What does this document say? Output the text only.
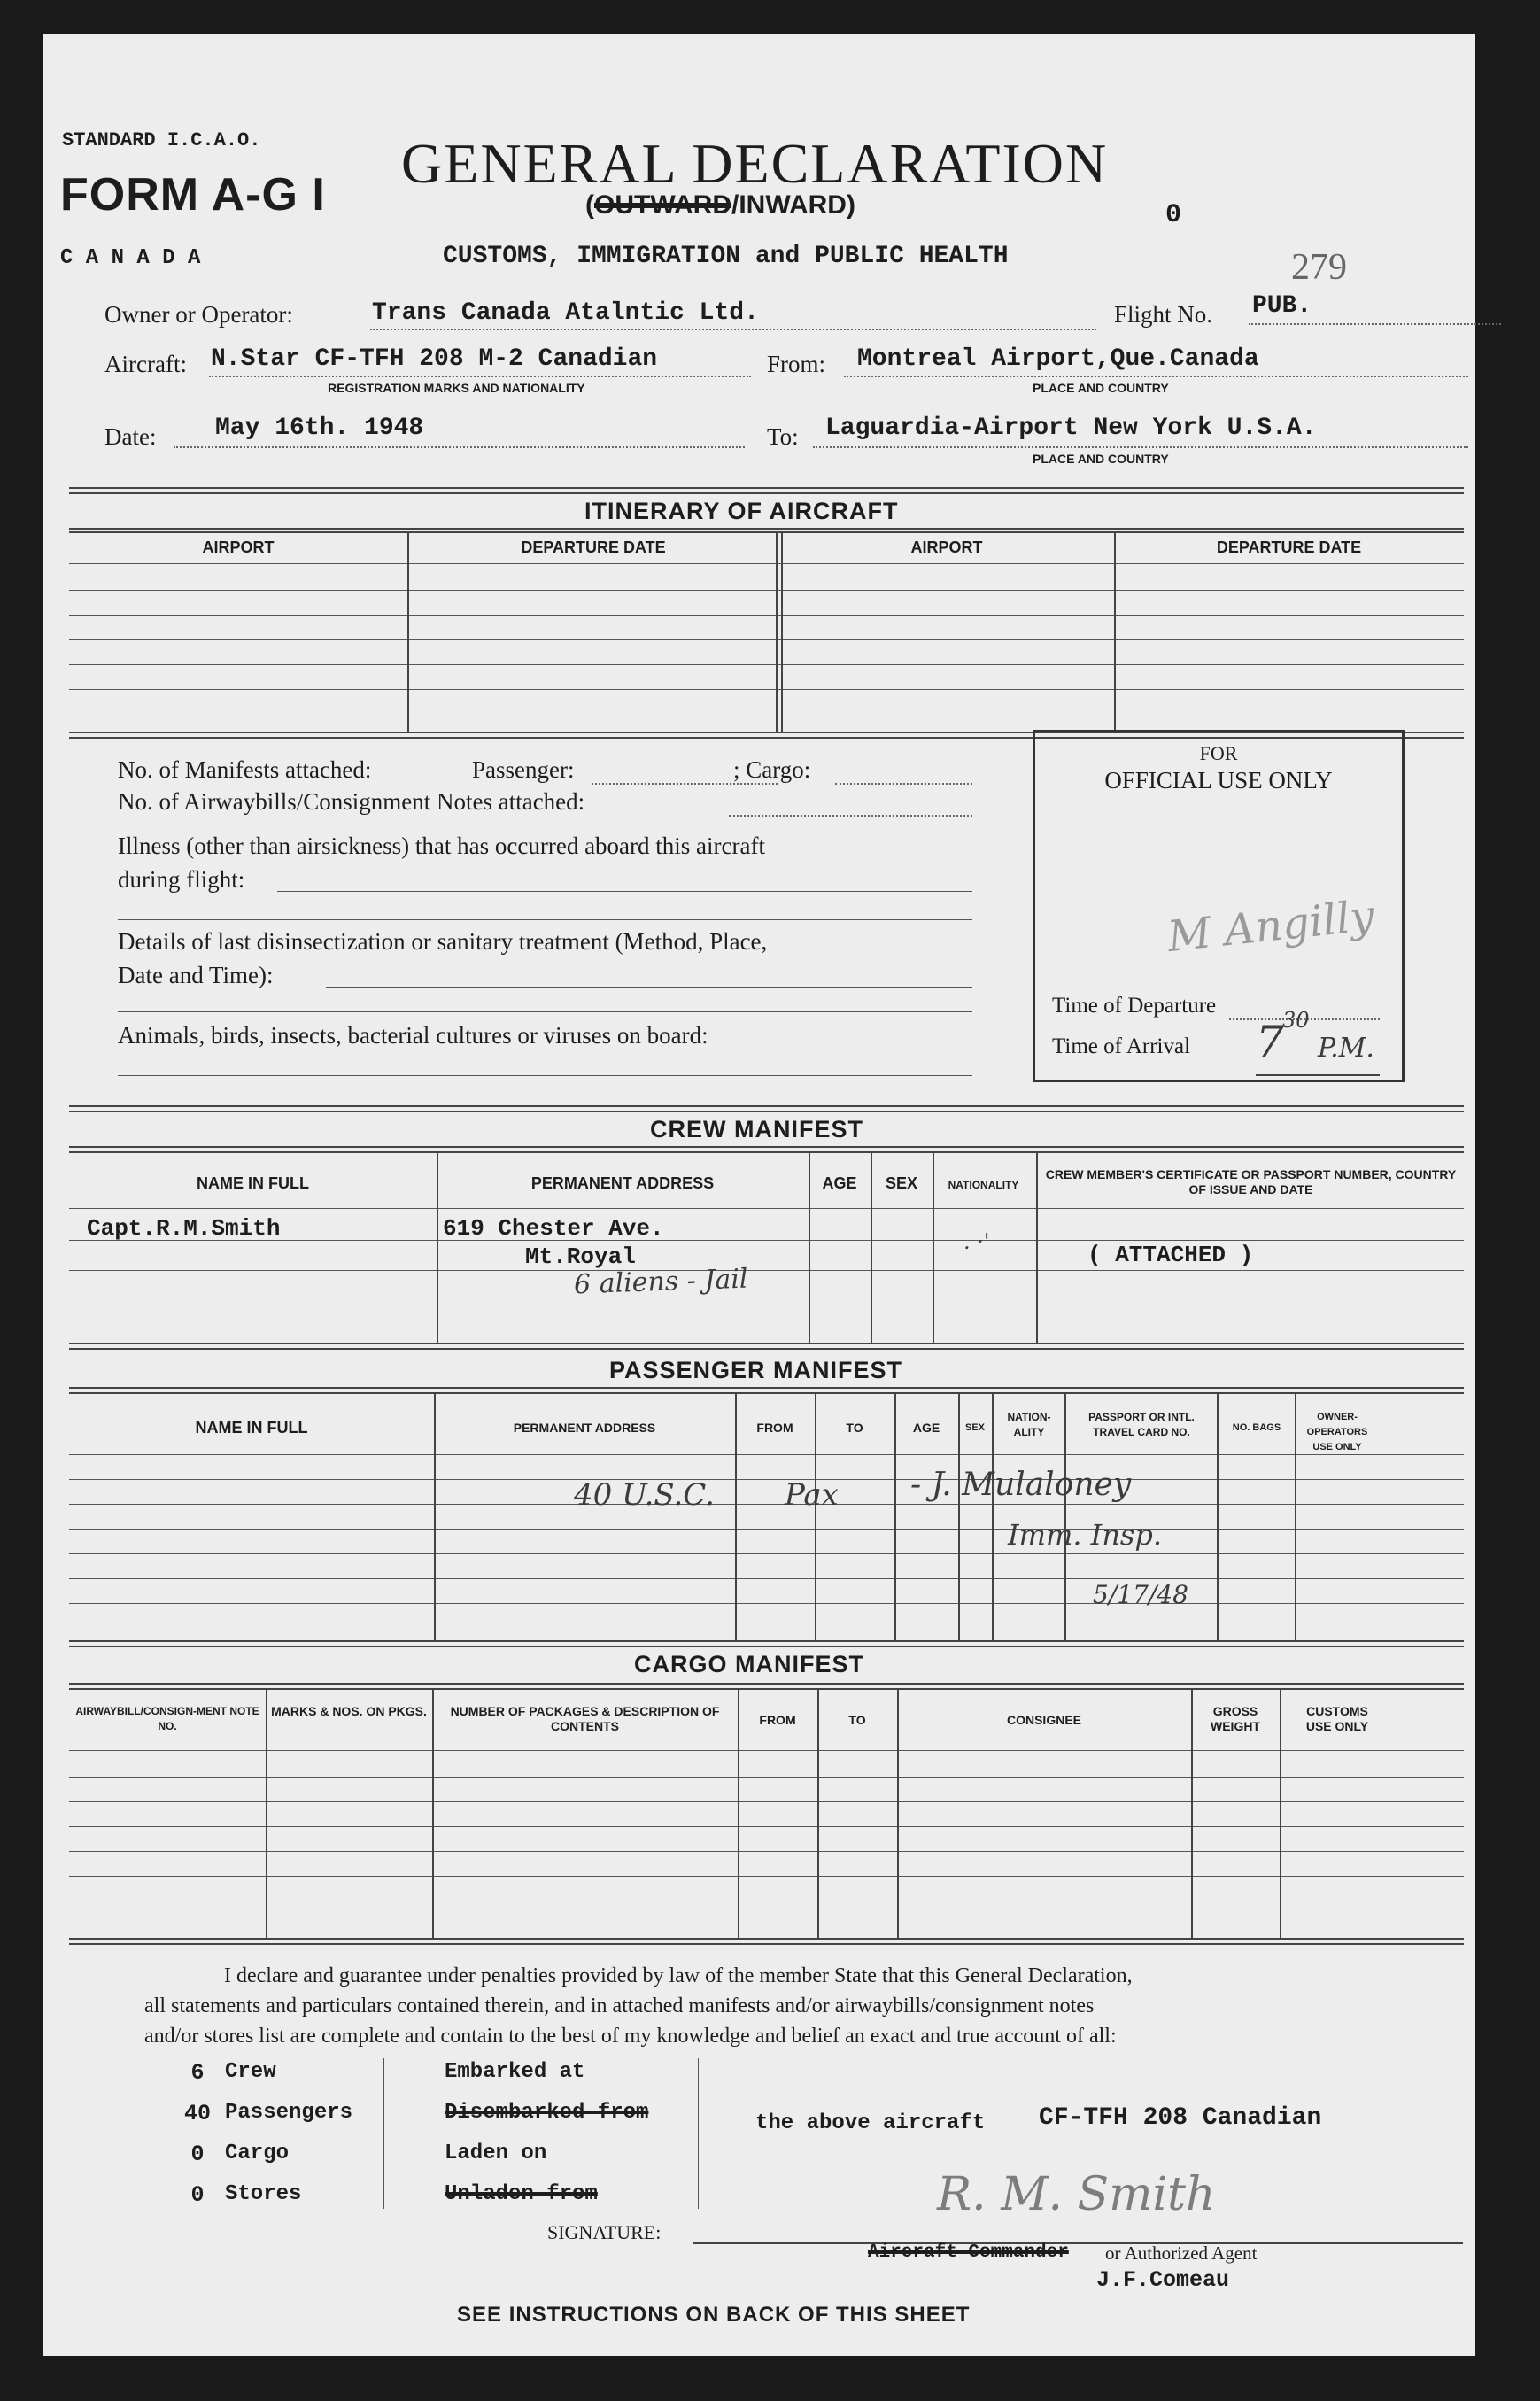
STANDARD I.C.A.O.
FORM A-G I
C A N A D A
GENERAL DECLARATION
(OUTWARD/INWARD)	0
CUSTOMS, IMMIGRATION and PUBLIC HEALTH	279
Owner or Operator:	Trans Canada Atalntic Ltd.	Flight No. PUB.
Aircraft: N.Star CF-TFH 208 M-2 Canadian
REGISTRATION MARKS AND NATIONALITY
From: Montreal Airport,Que.Canada
PLACE AND COUNTRY
Date: May 16th. 1948	To: Laguardia-Airport New York U.S.A.
PLACE AND COUNTRY
ITINERARY OF AIRCRAFT
AIRPORT	DEPARTURE DATE	AIRPORT	DEPARTURE DATE
No. of Manifests attached:	Passenger:	; Cargo:
No. of Airwaybills/Consignment Notes attached:
Illness (other than airsickness) that has occurred aboard this aircraft
during flight:
Details of last disinsectization or sanitary treatment (Method, Place,
Date and Time):
Animals, birds, insects, bacterial cultures or viruses on board:
FOR
OFFICIAL USE ONLY
M Angilly
Time of Departure
Time of Arrival 7
30
P.M.
CREW MANIFEST
NAME IN FULL	PERMANENT ADDRESS	AGE	SEX	NATIONALITY
CREW MEMBER'S CERTIFICATE OR PASSPORT NUMBER, COUNTRY OF ISSUE AND DATE
Capt.R.M.Smith	619 Chester Ave.
Mt.Royal
6 aliens - Jail
. ·'	( ATTACHED )
PASSENGER MANIFEST
NAME IN FULL	PERMANENT ADDRESS	FROM	TO	AGE	SEX
NATION-ALITY
PASSPORT OR INTL. TRAVEL CARD NO.	NO. BAGS
OWNER-OPERATORS USE ONLY
40 U.S.C. Pax - J. Mulaloney
Imm. Insp.
5/17/48
CARGO MANIFEST
AIRWAYBILL/CONSIGN-MENT NOTE NO.
MARKS & NOS. ON PKGS.	NUMBER OF PACKAGES & DESCRIPTION OF CONTENTS	FROM	TO	CONSIGNEE
GROSS WEIGHT
CUSTOMS USE ONLY
I declare and guarantee under penalties provided by law of the member State that this General Declaration,
all statements and particulars contained therein, and in attached manifests and/or airwaybills/consignment notes
and/or stores list are complete and contain to the best of my knowledge and belief an exact and true account of all:
6 Crew
40 Passengers
0 Cargo
0 Stores
Embarked at
Disembarked from
Laden on
Unladen from
the above aircraft CF-TFH 208 Canadian
R. M. Smith
SIGNATURE:
Aircraft Commander or Authorized Agent
J.F.Comeau
SEE INSTRUCTIONS ON BACK OF THIS SHEET
